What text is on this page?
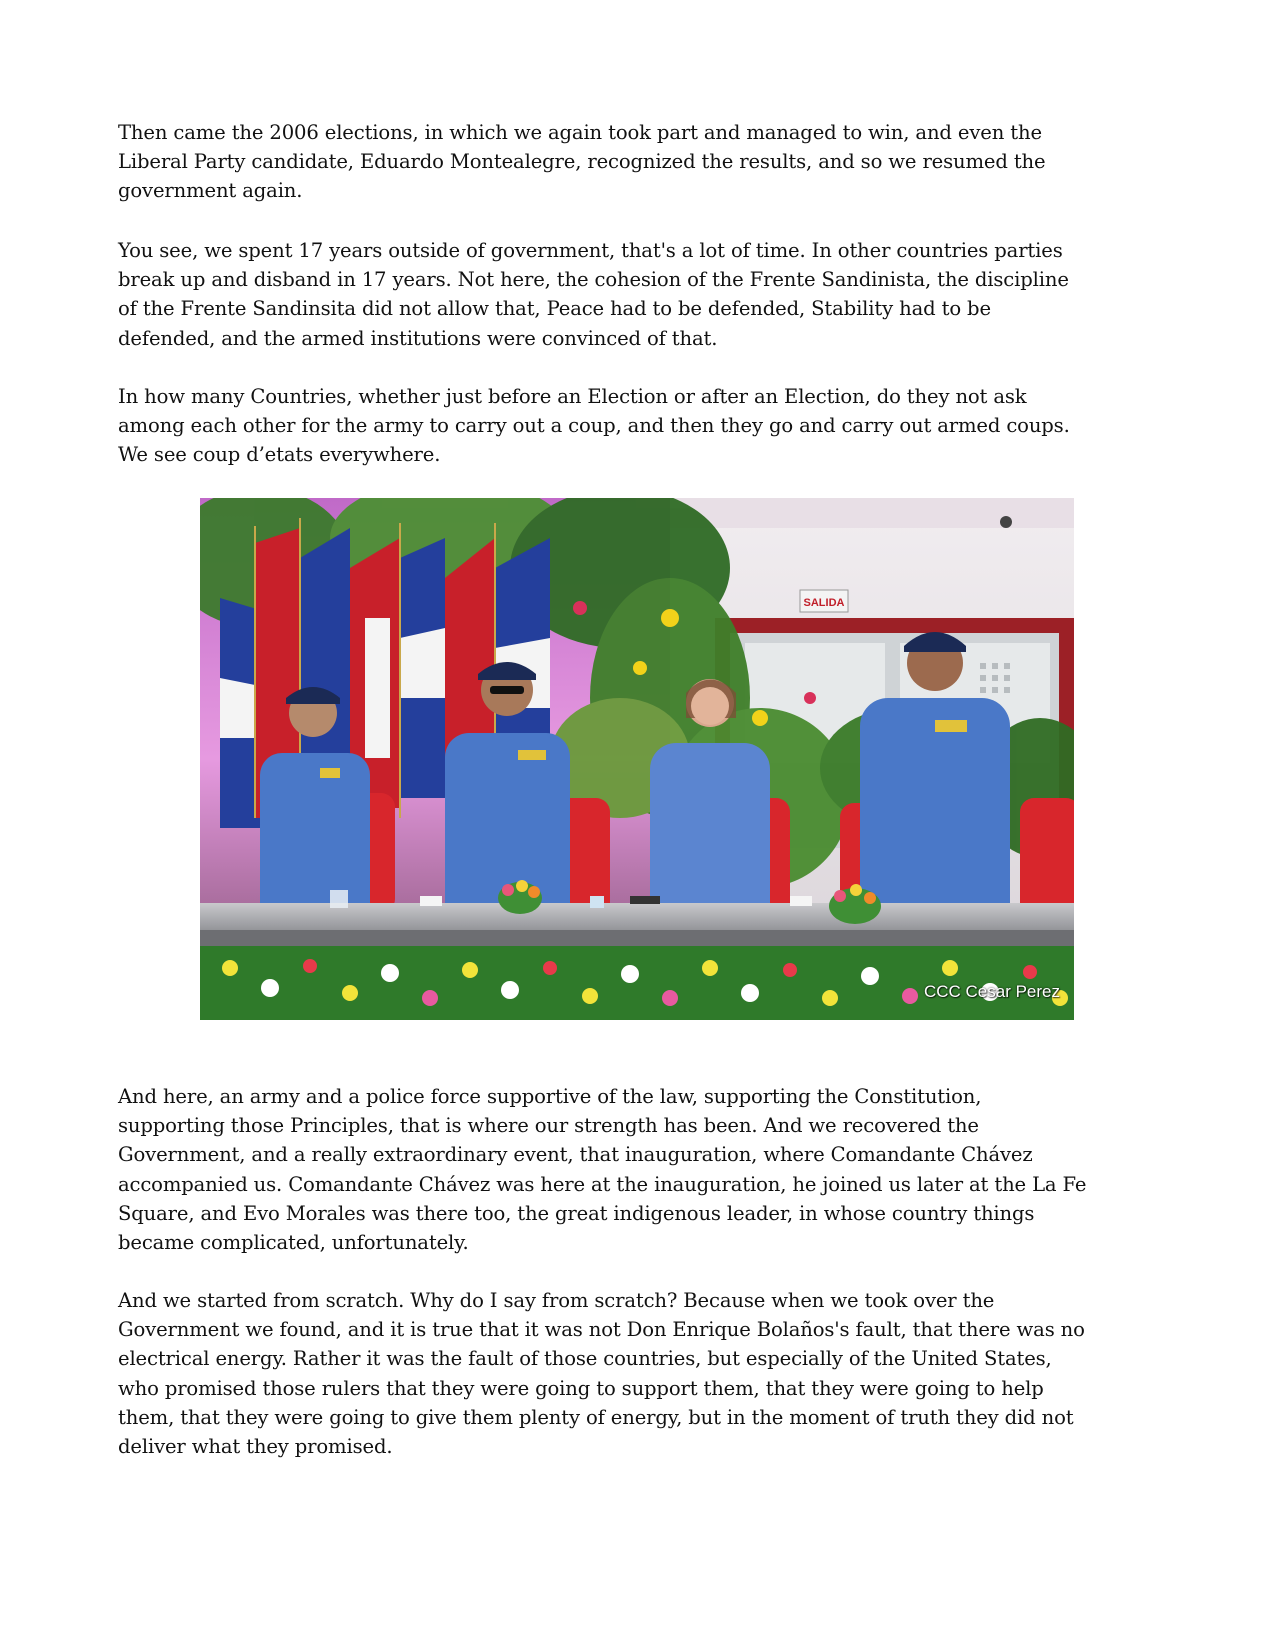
Then came the 2006 elections, in which we again took part and managed to win, and even the
Liberal Party candidate, Eduardo Montealegre, recognized the results, and so we resumed the
government again.

You see, we spent 17 years outside of government, that's a lot of time. In other countries parties
break up and disband in 17 years. Not here, the cohesion of the Frente Sandinista, the discipline
of the Frente Sandinsita did not allow that, Peace had to be defended, Stability had to be
defended, and the armed institutions were convinced of that.

In how many Countries, whether just before an Election or after an Election, do they not ask
among each other for the army to carry out a coup, and then they go and carry out armed coups.
We see coup d’etats everywhere.

SALIDA
CCC Cesar Perez

And here, an army and a police force supportive of the law, supporting the Constitution,
supporting those Principles, that is where our strength has been. And we recovered the
Government, and a really extraordinary event, that inauguration, where Comandante Chávez
accompanied us. Comandante Chávez was here at the inauguration, he joined us later at the La Fe
Square, and Evo Morales was there too, the great indigenous leader, in whose country things
became complicated, unfortunately.

And we started from scratch. Why do I say from scratch? Because when we took over the
Government we found, and it is true that it was not Don Enrique Bolaños's fault, that there was no
electrical energy. Rather it was the fault of those countries, but especially of the United States,
who promised those rulers that they were going to support them, that they were going to help
them, that they were going to give them plenty of energy, but in the moment of truth they did not
deliver what they promised.
